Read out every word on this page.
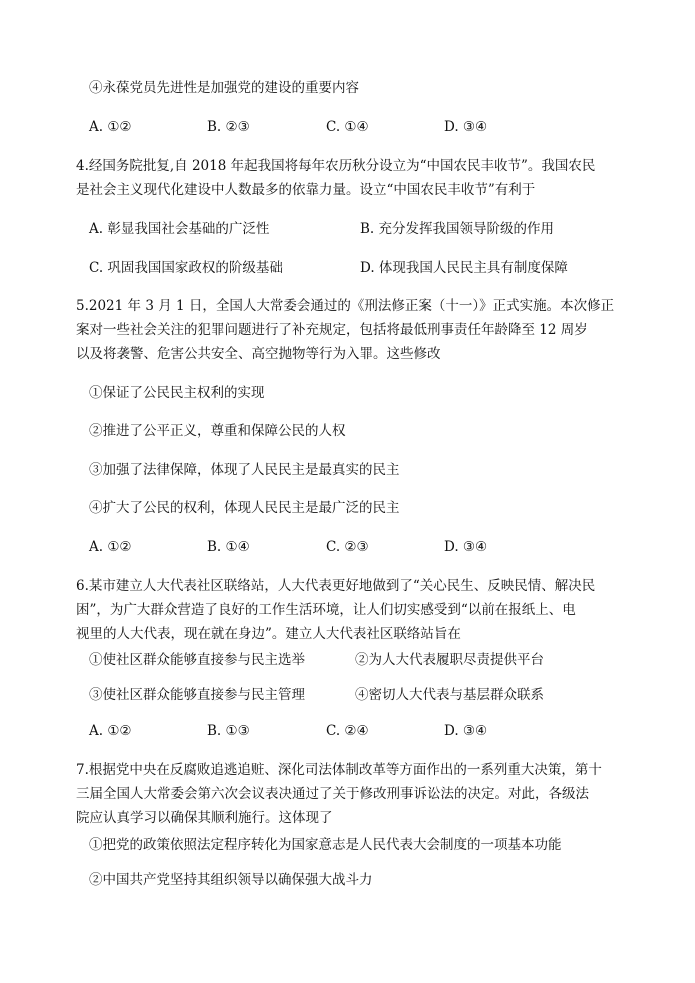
④永葆党员先进性是加强党的建设的重要内容
A. ①②	B. ②③	C. ①④	D. ③④
4.经国务院批复,自 2018 年起我国将每年农历秋分设立为“中国农民丰收节”。我国农民
是社会主义现代化建设中人数最多的依靠力量。设立“中国农民丰收节”有利于
A. 彰显我国社会基础的广泛性	B. 充分发挥我国领导阶级的作用
C. 巩固我国国家政权的阶级基础	D. 体现我国人民民主具有制度保障
5.2021 年 3 月 1 日，全国人大常委会通过的《刑法修正案（十一）》正式实施。本次修正
案对一些社会关注的犯罪问题进行了补充规定，包括将最低刑事责任年龄降至 12 周岁
以及将袭警、危害公共安全、高空抛物等行为入罪。这些修改
①保证了公民民主权利的实现
②推进了公平正义，尊重和保障公民的人权
③加强了法律保障，体现了人民民主是最真实的民主
④扩大了公民的权利，体现人民民主是最广泛的民主
A. ①②	B. ①④	C. ②③	D. ③④
6.某市建立人大代表社区联络站，人大代表更好地做到了“关心民生、反映民情、解决民
困”，为广大群众营造了良好的工作生活环境，让人们切实感受到“以前在报纸上、电
视里的人大代表，现在就在身边”。建立人大代表社区联络站旨在
①使社区群众能够直接参与民主选举	②为人大代表履职尽责提供平台
③使社区群众能够直接参与民主管理	④密切人大代表与基层群众联系
A. ①②	B. ①③	C. ②④	D. ③④
7.根据党中央在反腐败追逃追赃、深化司法体制改革等方面作出的一系列重大决策，第十
三届全国人大常委会第六次会议表决通过了关于修改刑事诉讼法的决定。对此，各级法
院应认真学习以确保其顺利施行。这体现了
①把党的政策依照法定程序转化为国家意志是人民代表大会制度的一项基本功能
②中国共产党坚持其组织领导以确保强大战斗力
